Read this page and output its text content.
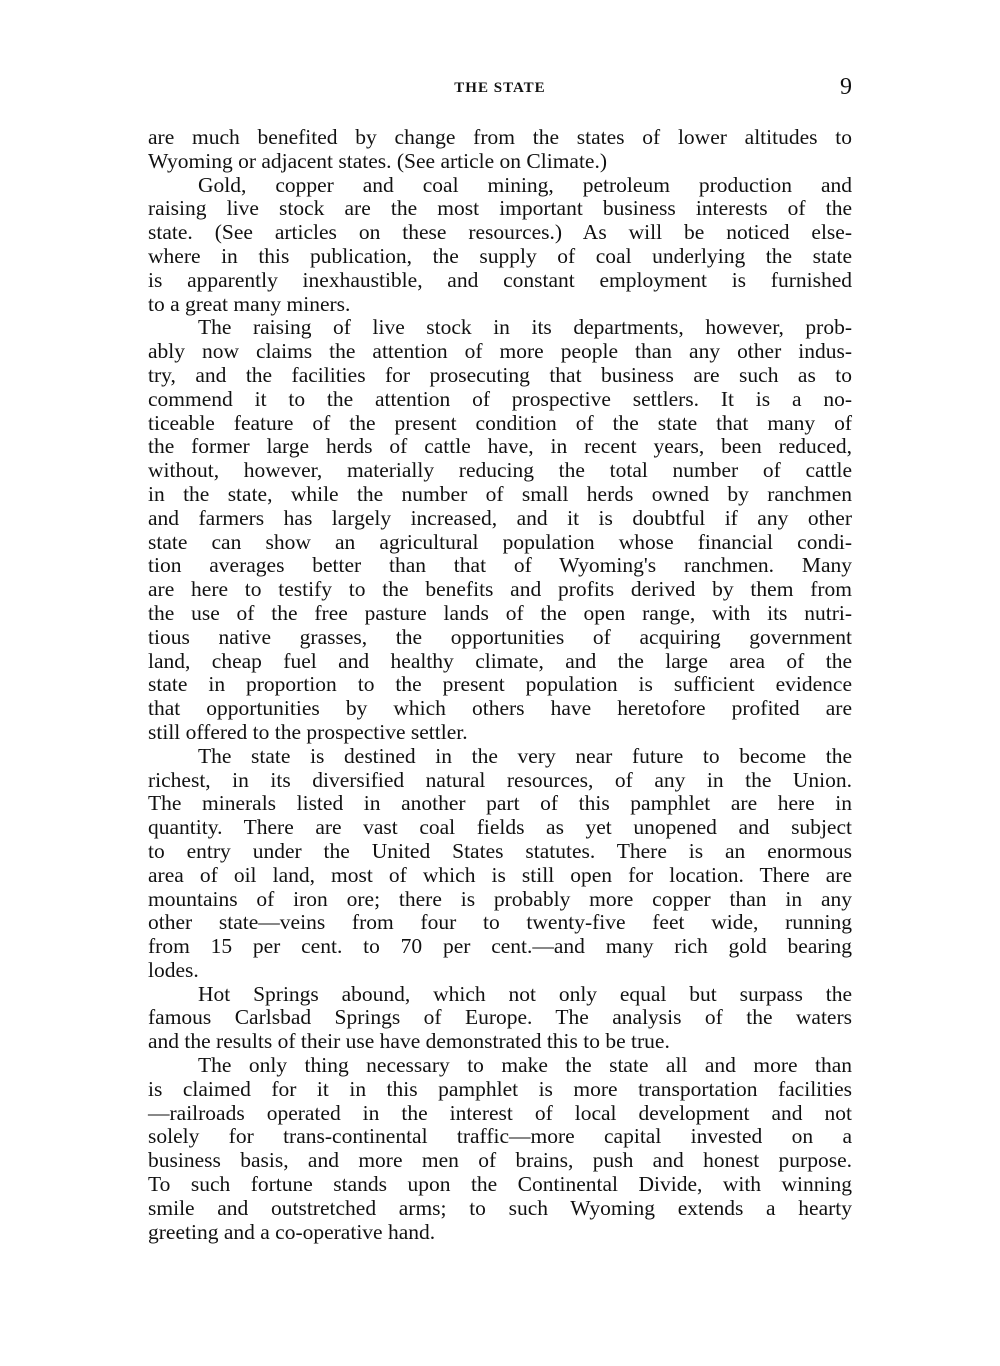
THE STATE	9
are much benefited by change from the states of lower altitudes to
Wyoming or adjacent states. (See article on Climate.)
Gold, copper and coal mining, petroleum production and
raising live stock are the most important business interests of the
state. (See articles on these resources.) As will be noticed else-
where in this publication, the supply of coal underlying the state
is apparently inexhaustible, and constant employment is furnished
to a great many miners.
The raising of live stock in its departments, however, prob-
ably now claims the attention of more people than any other indus-
try, and the facilities for prosecuting that business are such as to
commend it to the attention of prospective settlers. It is a no-
ticeable feature of the present condition of the state that many of
the former large herds of cattle have, in recent years, been reduced,
without, however, materially reducing the total number of cattle
in the state, while the number of small herds owned by ranchmen
and farmers has largely increased, and it is doubtful if any other
state can show an agricultural population whose financial condi-
tion averages better than that of Wyoming's ranchmen. Many
are here to testify to the benefits and profits derived by them from
the use of the free pasture lands of the open range, with its nutri-
tious native grasses, the opportunities of acquiring government
land, cheap fuel and healthy climate, and the large area of the
state in proportion to the present population is sufficient evidence
that opportunities by which others have heretofore profited are
still offered to the prospective settler.
The state is destined in the very near future to become the
richest, in its diversified natural resources, of any in the Union.
The minerals listed in another part of this pamphlet are here in
quantity. There are vast coal fields as yet unopened and subject
to entry under the United States statutes. There is an enormous
area of oil land, most of which is still open for location. There are
mountains of iron ore; there is probably more copper than in any
other state—veins from four to twenty-five feet wide, running
from 15 per cent. to 70 per cent.—and many rich gold bearing
lodes.
Hot Springs abound, which not only equal but surpass the
famous Carlsbad Springs of Europe. The analysis of the waters
and the results of their use have demonstrated this to be true.
The only thing necessary to make the state all and more than
is claimed for it in this pamphlet is more transportation facilities
—railroads operated in the interest of local development and not
solely for trans-continental traffic—more capital invested on a
business basis, and more men of brains, push and honest purpose.
To such fortune stands upon the Continental Divide, with winning
smile and outstretched arms; to such Wyoming extends a hearty
greeting and a co-operative hand.
